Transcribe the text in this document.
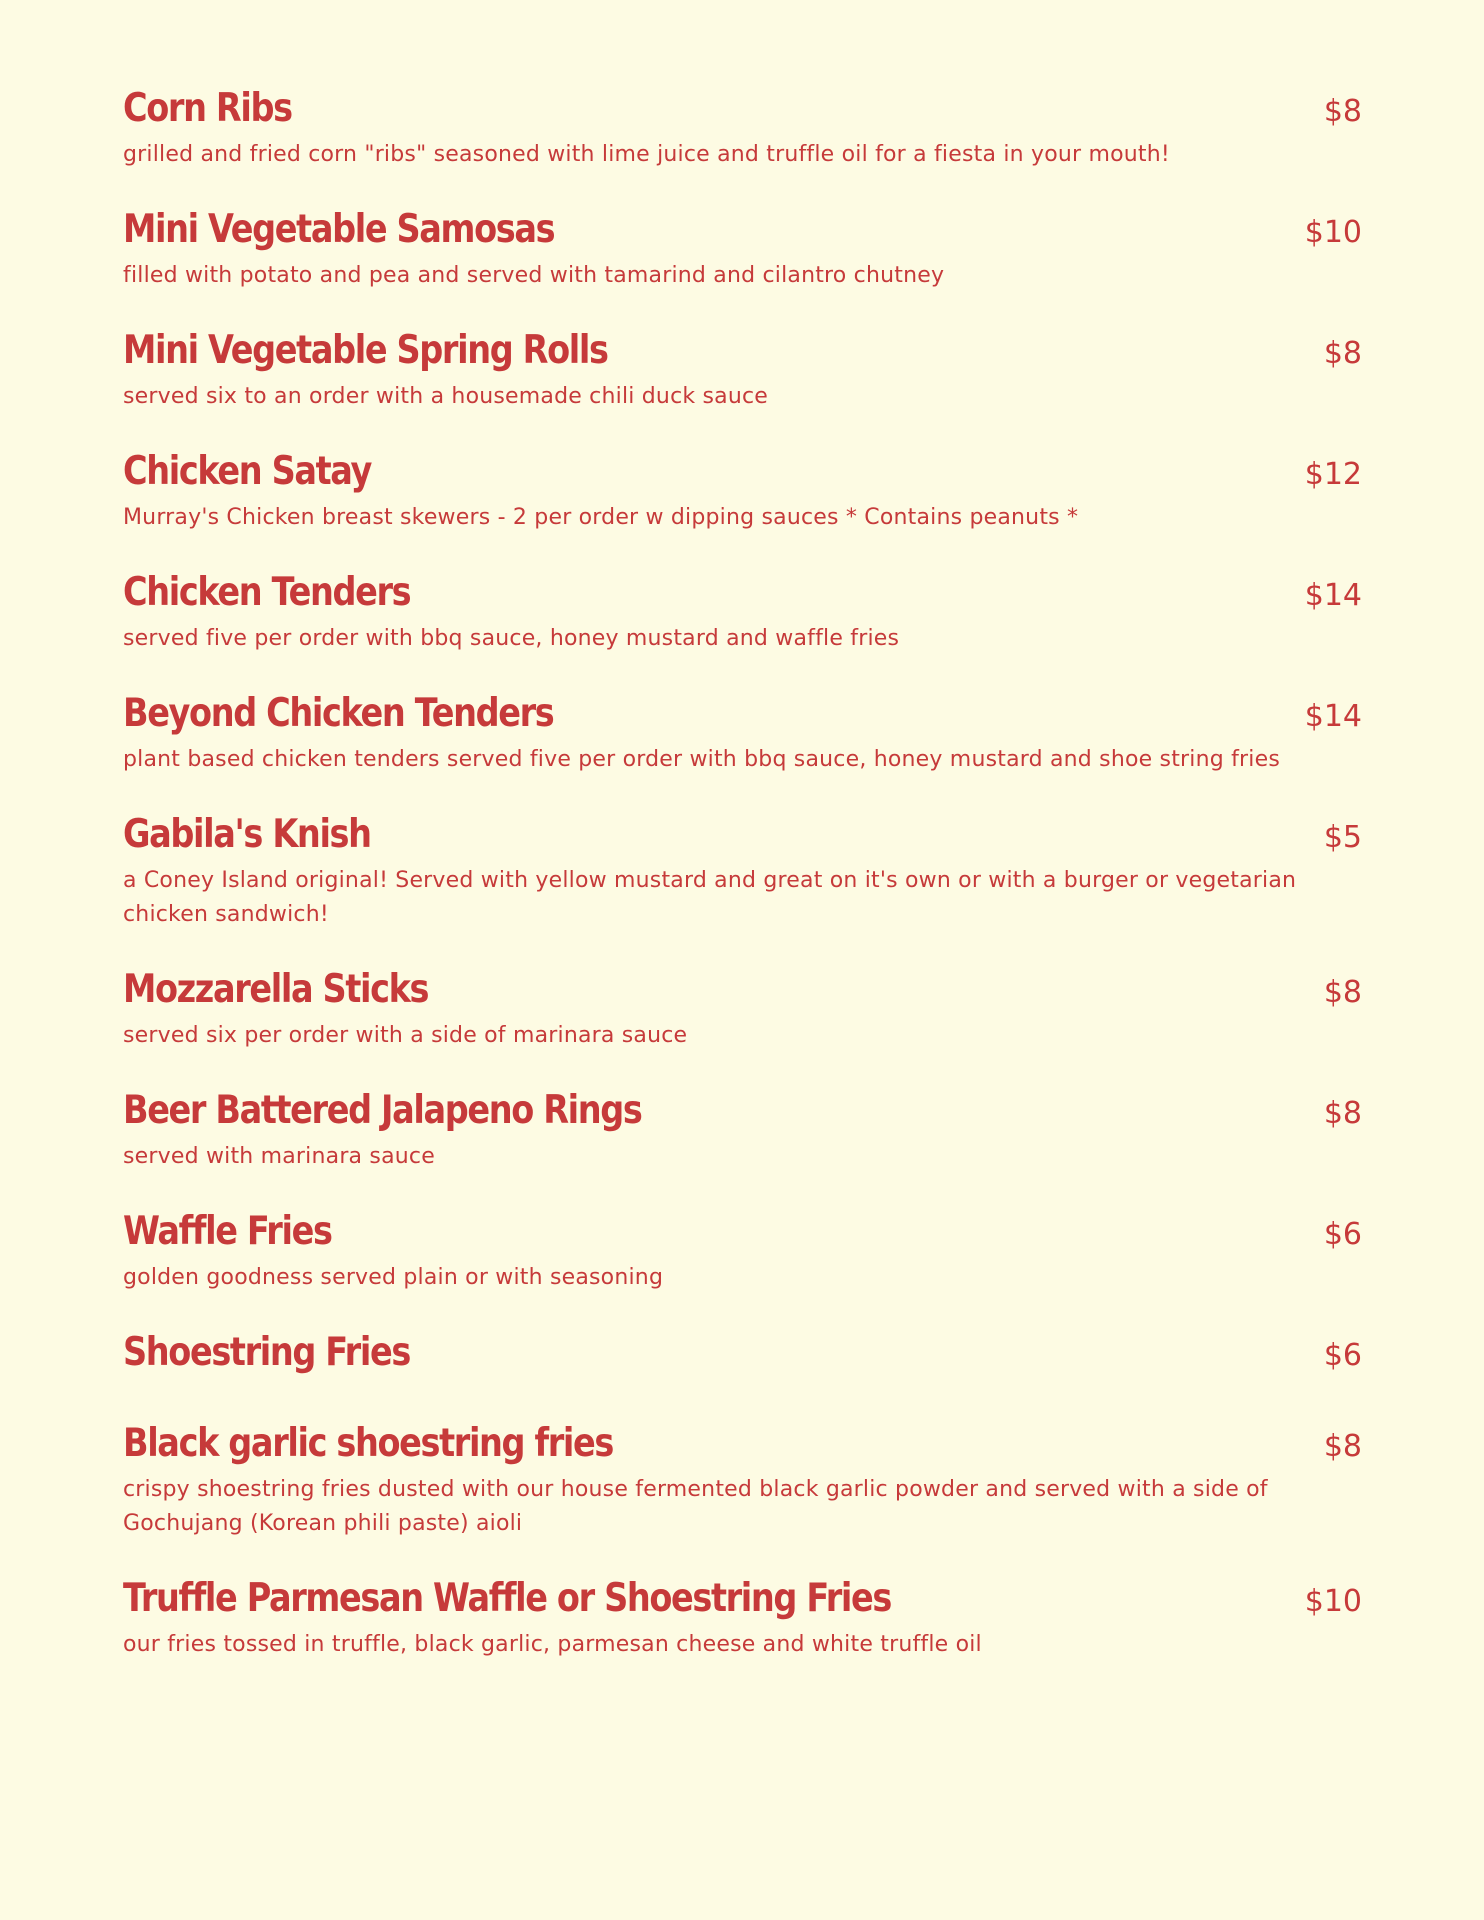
Corn Ribs	$8
grilled and fried corn "ribs" seasoned with lime juice and truffle oil for a fiesta in your mouth!
Mini Vegetable Samosas	$10
filled with potato and pea and served with tamarind and cilantro chutney
Mini Vegetable Spring Rolls	$8
served six to an order with a housemade chili duck sauce
Chicken Satay	$12
Murray's Chicken breast skewers - 2 per order w dipping sauces * Contains peanuts *
Chicken Tenders	$14
served five per order with bbq sauce, honey mustard and waffle fries
Beyond Chicken Tenders	$14
plant based chicken tenders served five per order with bbq sauce, honey mustard and shoe string fries
Gabila's Knish	$5
a Coney Island original! Served with yellow mustard and great on it's own or with a burger or vegetarian chicken sandwich!
Mozzarella Sticks	$8
served six per order with a side of marinara sauce
Beer Battered Jalapeno Rings	$8
served with marinara sauce
Waffle Fries	$6
golden goodness served plain or with seasoning
Shoestring Fries	$6
Black garlic shoestring fries	$8
crispy shoestring fries dusted with our house fermented black garlic powder and served with a side of Gochujang (Korean phili paste) aioli
Truffle Parmesan Waffle or Shoestring Fries	$10
our fries tossed in truffle, black garlic, parmesan cheese and white truffle oil
